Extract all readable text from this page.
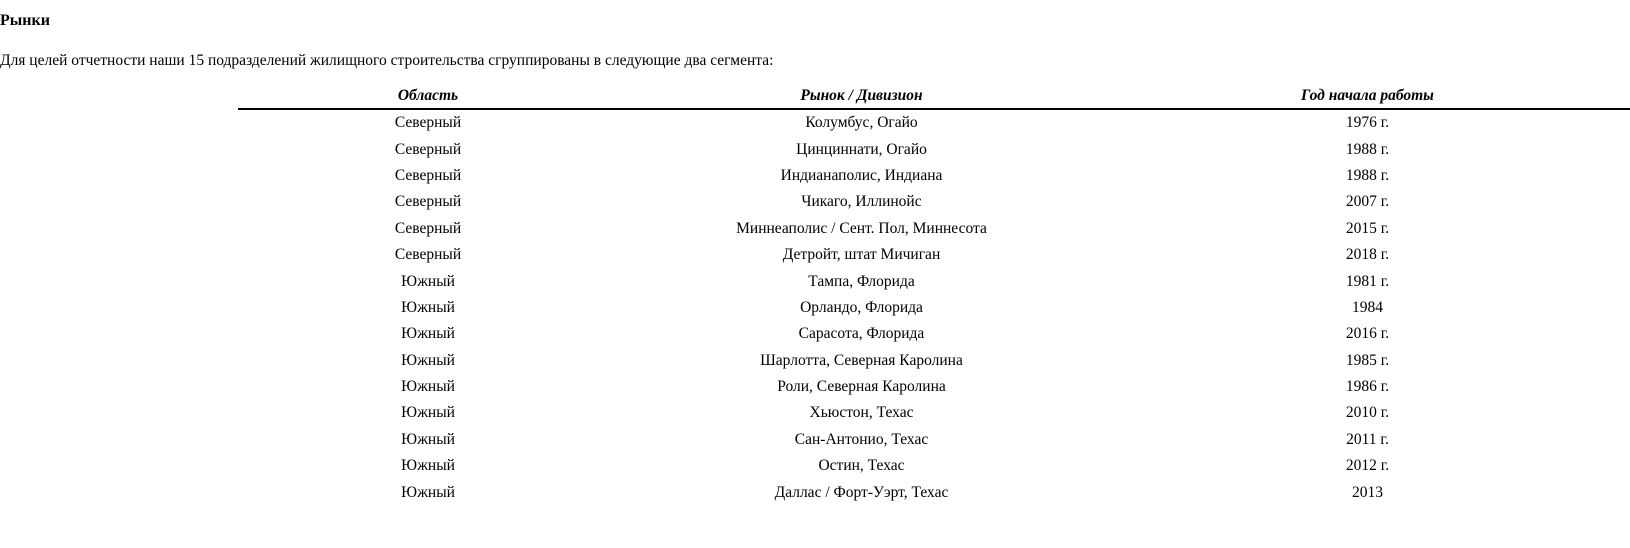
Рынки
Для целей отчетности наши 15 подразделений жилищного строительства сгруппированы в следующие два сегмента:
Область	Рынок / Дивизион	Год начала работы
Северный	Колумбус, Огайо	1976 г.
Северный	Цинциннати, Огайо	1988 г.
Северный	Индианаполис, Индиана	1988 г.
Северный	Чикаго, Иллинойс	2007 г.
Северный	Миннеаполис / Сент. Пол, Миннесота	2015 г.
Северный	Детройт, штат Мичиган	2018 г.
Южный	Тампа, Флорида	1981 г.
Южный	Орландо, Флорида	1984
Южный	Сарасота, Флорида	2016 г.
Южный	Шарлотта, Северная Каролина	1985 г.
Южный	Роли, Северная Каролина	1986 г.
Южный	Хьюстон, Техас	2010 г.
Южный	Сан-Антонио, Техас	2011 г.
Южный	Остин, Техас	2012 г.
Южный	Даллас / Форт-Уэрт, Техас	2013
